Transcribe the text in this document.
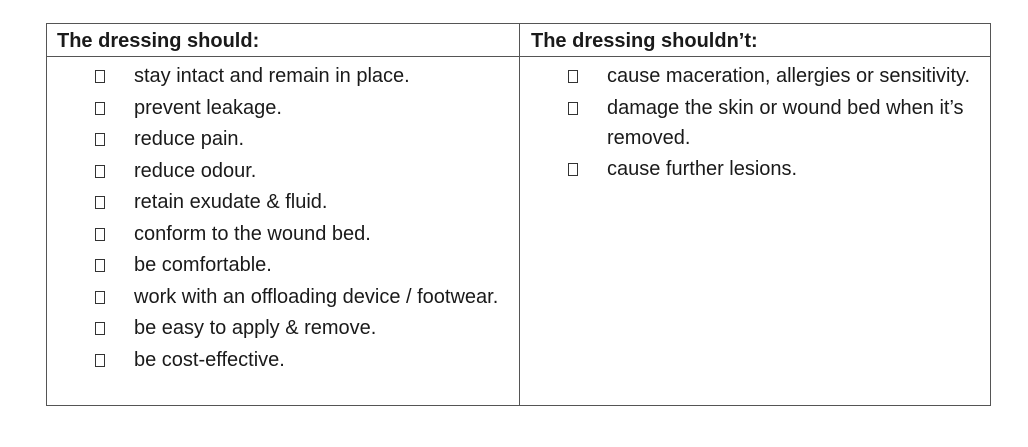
The dressing should:	The dressing shouldn’t:
stay intact and remain in place.
prevent leakage.
reduce pain.
reduce odour.
retain exudate & fluid.
conform to the wound bed.
be comfortable.
work with an offloading device / footwear.
be easy to apply & remove.
be cost-effective.
cause maceration, allergies or sensitivity.
damage the skin or wound bed when it’s removed.
cause further lesions.
